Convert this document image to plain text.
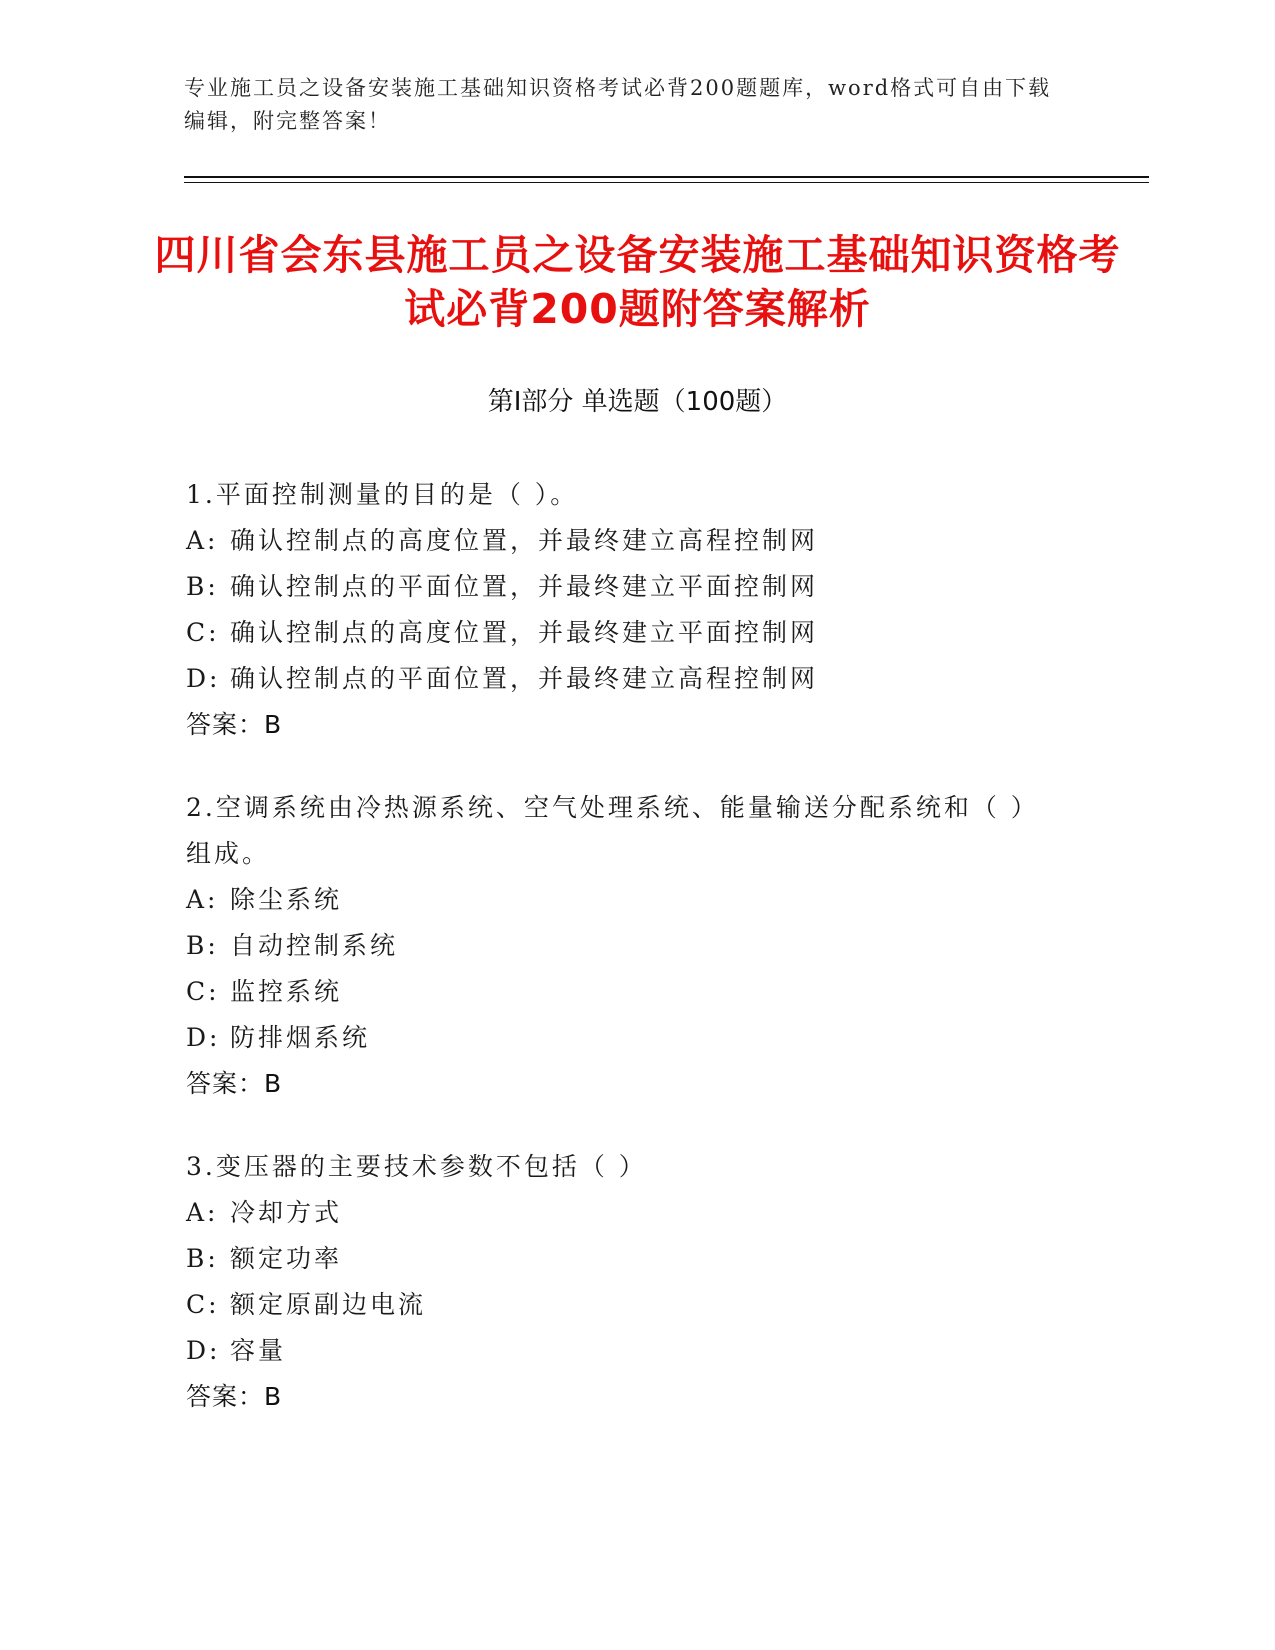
专业施工员之设备安装施工基础知识资格考试必背200题题库，word格式可自由下载编辑，附完整答案！
四川省会东县施工员之设备安装施工基础知识资格考试必背200题附答案解析
第Ⅰ部分 单选题（100题）
1.平面控制测量的目的是（ ）。
A: 确认控制点的高度位置，并最终建立高程控制网
B: 确认控制点的平面位置，并最终建立平面控制网
C: 确认控制点的高度位置，并最终建立平面控制网
D: 确认控制点的平面位置，并最终建立高程控制网
答案：B
2.空调系统由冷热源系统、空气处理系统、能量输送分配系统和（ ）组成。
A: 除尘系统
B: 自动控制系统
C: 监控系统
D: 防排烟系统
答案：B
3.变压器的主要技术参数不包括（ ）
A: 冷却方式
B: 额定功率
C: 额定原副边电流
D: 容量
答案：B
